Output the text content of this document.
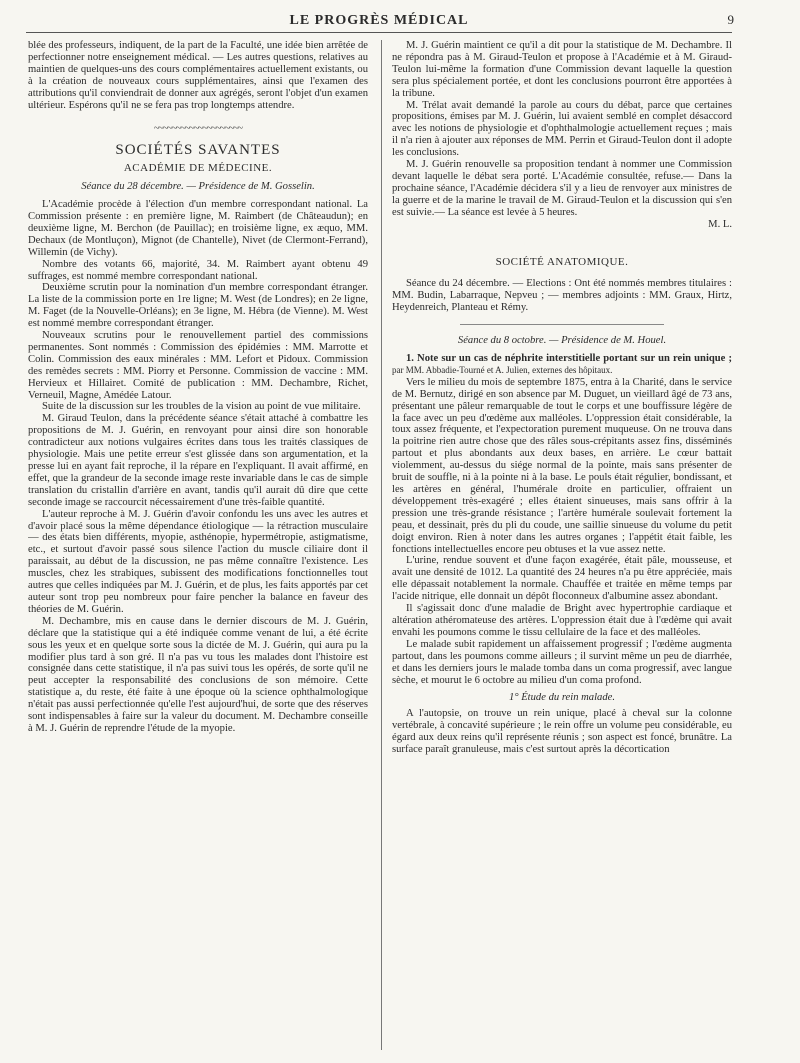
LE PROGRÈS MÉDICAL	9

blée des professeurs, indiquent, de la part de la Faculté, une idée bien arrêtée de perfectionner notre enseignement médical. — Les autres questions, relatives au maintien de quelques-uns des cours complémentaires actuellement existants, ou à la création de nouveaux cours supplémentaires, ainsi que l'examen des attributions qu'il conviendrait de donner aux agrégés, seront l'objet d'un examen ultérieur. Espérons qu'il ne se fera pas trop longtemps attendre.

~~~~~~~~~~~~~~~~~~~~
SOCIÉTÉS SAVANTES
ACADÉMIE DE MÉDECINE.
Séance du 28 décembre. — Présidence de M. Gosselin.

L'Académie procède à l'élection d'un membre correspondant national. La Commission présente : en première ligne, M. Raimbert (de Châteaudun); en deuxième ligne, M. Berchon (de Pauillac); en troisième ligne, ex æquo, MM. Dechaux (de Montluçon), Mignot (de Chantelle), Nivet (de Clermont-Ferrand), Willemin (de Vichy).

Nombre des votants 66, majorité, 34. M. Raimbert ayant obtenu 49 suffrages, est nommé membre correspondant national.

Deuxième scrutin pour la nomination d'un membre correspondant étranger. La liste de la commission porte en 1re ligne; M. West (de Londres); en 2e ligne, M. Faget (de la Nouvelle-Orléans); en 3e ligne, M. Hébra (de Vienne). M. West est nommé membre correspondant étranger.

Nouveaux scrutins pour le renouvellement partiel des commissions permanentes. Sont nommés : Commission des épidémies : MM. Marrotte et Colin. Commission des eaux minérales : MM. Lefort et Pidoux. Commission des remèdes secrets : MM. Piorry et Personne. Commission de vaccine : MM. Hervieux et Hillairet. Comité de publication : MM. Dechambre, Richet, Verneuil, Magne, Amédée Latour.

Suite de la discussion sur les troubles de la vision au point de vue militaire.

M. Giraud Teulon, dans la précédente séance s'était attaché à combattre les propositions de M. J. Guérin, en renvoyant pour ainsi dire son honorable contradicteur aux notions vulgaires écrites dans tous les traités classiques de physiologie. Mais une petite erreur s'est glissée dans son argumentation, et la presse lui en ayant fait reproche, il la répare en l'expliquant. Il avait affirmé, en effet, que la grandeur de la seconde image reste invariable dans le cas de simple translation du cristallin d'arrière en avant, tandis qu'il aurait dû dire que cette seconde image se raccourcit nécessairement d'une très-faible quantité.

L'auteur reproche à M. J. Guérin d'avoir confondu les uns avec les autres et d'avoir placé sous la même dépendance étiologique — la rétraction musculaire — des états bien différents, myopie, asthénopie, hypermétropie, astigmatisme, etc., et surtout d'avoir passé sous silence l'action du muscle ciliaire dont il paraissait, au début de la discussion, ne pas même connaître l'existence. Les muscles, chez les strabiques, subissent des modifications fonctionnelles tout autres que celles indiquées par M. J. Guérin, et de plus, les faits apportés par cet auteur sont trop peu nombreux pour faire pencher la balance en faveur des théories de M. Guérin.

M. Dechambre, mis en cause dans le dernier discours de M. J. Guérin, déclare que la statistique qui a été indiquée comme venant de lui, a été écrite sous les yeux et en quelque sorte sous la dictée de M. J. Guérin, qui aura pu la modifier plus tard à son gré. Il n'a pas vu tous les malades dont l'histoire est consignée dans cette statistique, il n'a pas suivi tous les opérés, de sorte qu'il ne peut accepter la responsabilité des conclusions de son mémoire. Cette statistique a, du reste, été faite à une époque où la science ophthalmologique n'était pas aussi perfectionnée qu'elle l'est aujourd'hui, de sorte que des réserves sont indispensables à faire sur la valeur du document. M. Dechambre conseille à M. J. Guérin de reprendre l'étude de la myopie.

M. J. Guérin maintient ce qu'il a dit pour la statistique de M. Dechambre. Il ne répondra pas à M. Giraud-Teulon et propose à l'Académie et à M. Giraud-Teulon lui-même la formation d'une Commission devant laquelle la question sera plus spécialement portée, et dont les conclusions pourront être apportées à la tribune.

M. Trélat avait demandé la parole au cours du débat, parce que certaines propositions, émises par M. J. Guérin, lui avaient semblé en complet désaccord avec les notions de physiologie et d'ophthalmologie actuellement reçues ; mais il n'a rien à ajouter aux réponses de MM. Perrin et Giraud-Teulon dont il adopte les conclusions.

M. J. Guérin renouvelle sa proposition tendant à nommer une Commission devant laquelle le débat sera porté. L'Académie consultée, refuse.— Dans la prochaine séance, l'Académie décidera s'il y a lieu de renvoyer aux ministres de la guerre et de la marine le travail de M. Giraud-Teulon et la discussion qui s'en est suivie.— La séance est levée à 5 heures.

M. L.
SOCIÉTÉ ANATOMIQUE.

Séance du 24 décembre. — Elections : Ont été nommés membres titulaires : MM. Budin, Labarraque, Nepveu ; — membres adjoints : MM. Graux, Hirtz, Heydenreich, Planteau et Rémy.

Séance du 8 octobre. — Présidence de M. Houel.

1. Note sur un cas de néphrite interstitielle portant sur un rein unique ; par MM. Abbadie-Tourné et A. Julien, externes des hôpitaux.

Vers le milieu du mois de septembre 1875, entra à la Charité, dans le service de M. Bernutz, dirigé en son absence par M. Duguet, un vieillard âgé de 73 ans, présentant une pâleur remarquable de tout le corps et une bouffissure légère de la face avec un peu d'œdème aux malléoles. L'oppression était considérable, la toux assez fréquente, et l'expectoration purement muqueuse. On ne trouva dans la poitrine rien autre chose que des râles sous-crépitants assez fins, disséminés partout et plus abondants aux deux bases, en arrière. Le cœur battait violemment, au-dessus du siége normal de la pointe, mais sans présenter de bruit de souffle, ni à la pointe ni à la base. Le pouls était régulier, bondissant, et les artères en général, l'humérale droite en particulier, offraient un développement très-exagéré ; elles étaient sinueuses, mais sans offrir à la pression une très-grande résistance ; l'artère humérale soulevait fortement la peau, et dessinait, près du pli du coude, une saillie sinueuse du volume du petit doigt environ. Rien à noter dans les autres organes ; l'appétit était faible, les fonctions intellectuelles encore peu obtuses et la vue assez nette.

L'urine, rendue souvent et d'une façon exagérée, était pâle, mousseuse, et avait une densité de 1012. La quantité des 24 heures n'a pu être appréciée, mais elle dépassait notablement la normale. Chauffée et traitée en même temps par l'acide nitrique, elle donnait un dépôt floconneux d'albumine assez abondant.

Il s'agissait donc d'une maladie de Bright avec hypertrophie cardiaque et altération athéromateuse des artères. L'oppression était due à l'œdème qui avait envahi les poumons comme le tissu cellulaire de la face et des malléoles.

Le malade subit rapidement un affaissement progressif ; l'œdème augmenta partout, dans les poumons comme ailleurs ; il survint même un peu de diarrhée, et dans les derniers jours le malade tomba dans un coma progressif, avec langue sèche, et mourut le 6 octobre au milieu d'un coma profond.

1° Étude du rein malade.

A l'autopsie, on trouve un rein unique, placé à cheval sur la colonne vertébrale, à concavité supérieure ; le rein offre un volume peu considérable, eu égard aux deux reins qu'il représente réunis ; son aspect est foncé, brunâtre. La surface paraît granuleuse, mais c'est surtout après la décortication
